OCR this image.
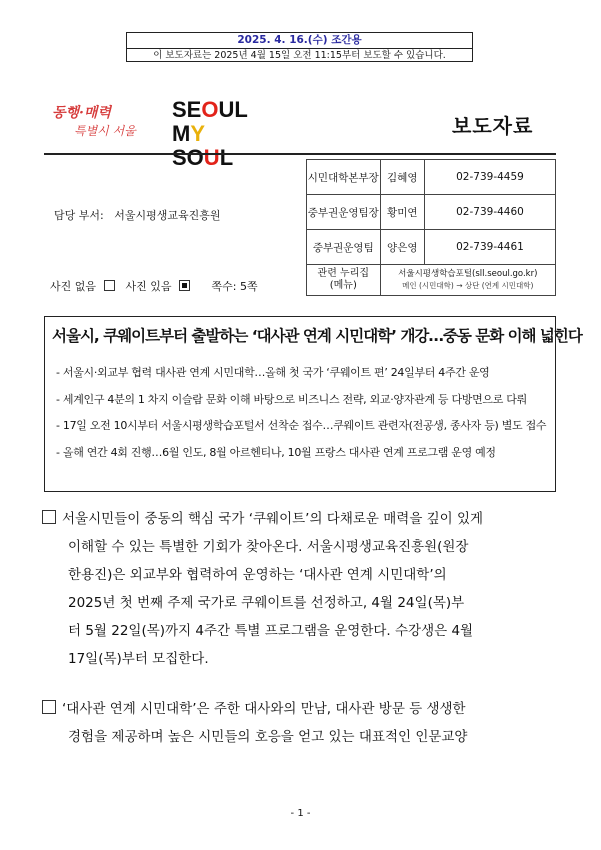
2025. 4. 16.(수) 조간용
이 보도자료는 2025년 4월 15일 오전 11:15부터 보도할 수 있습니다.
동행·매력
특별시 서울
SEOUL
MY SOUL
보도자료
담당 부서: 서울시평생교육진흥원
사진 없음	사진 있음	쪽수: 5쪽
시민대학본부장	김혜영	02-739-4459
중부권운영팀장	황미연	02-739-4460
중부권운영팀	양은영	02-739-4461

관련 누리집
(메뉴)	서울시평생학습포털(sll.seoul.go.kr)
메인 (시민대학) → 상단 (연계 시민대학)	
서울시, 쿠웨이트부터 출발하는 ‘대사관 연계 시민대학’ 개강…중동 문화 이해 넓힌다
- 서울시·외교부 협력 대사관 연계 시민대학…올해 첫 국가 ‘쿠웨이트 편’ 24일부터 4주간 운영
- 세계인구 4분의 1 차지 이슬람 문화 이해 바탕으로 비즈니스 전략, 외교·양자관계 등 다방면으로 다뤄
- 17일 오전 10시부터 서울시평생학습포털서 선착순 접수…쿠웨이트 관련자(전공생, 종사자 등) 별도 접수
- 올해 연간 4회 진행…6월 인도, 8월 아르헨티나, 10월 프랑스 대사관 연계 프로그램 운영 예정
서울시민들이 중동의 핵심 국가 ‘쿠웨이트’의 다채로운 매력을 깊이 있게
이해할 수 있는 특별한 기회가 찾아온다. 서울시평생교육진흥원(원장
한용진)은 외교부와 협력하여 운영하는 ‘대사관 연계 시민대학’의
2025년 첫 번째 주제 국가로 쿠웨이트를 선정하고, 4월 24일(목)부
터 5월 22일(목)까지 4주간 특별 프로그램을 운영한다. 수강생은 4월
17일(목)부터 모집한다.
‘대사관 연계 시민대학’은 주한 대사와의 만남, 대사관 방문 등 생생한
경험을 제공하며 높은 시민들의 호응을 얻고 있는 대표적인 인문교양
- 1 -
